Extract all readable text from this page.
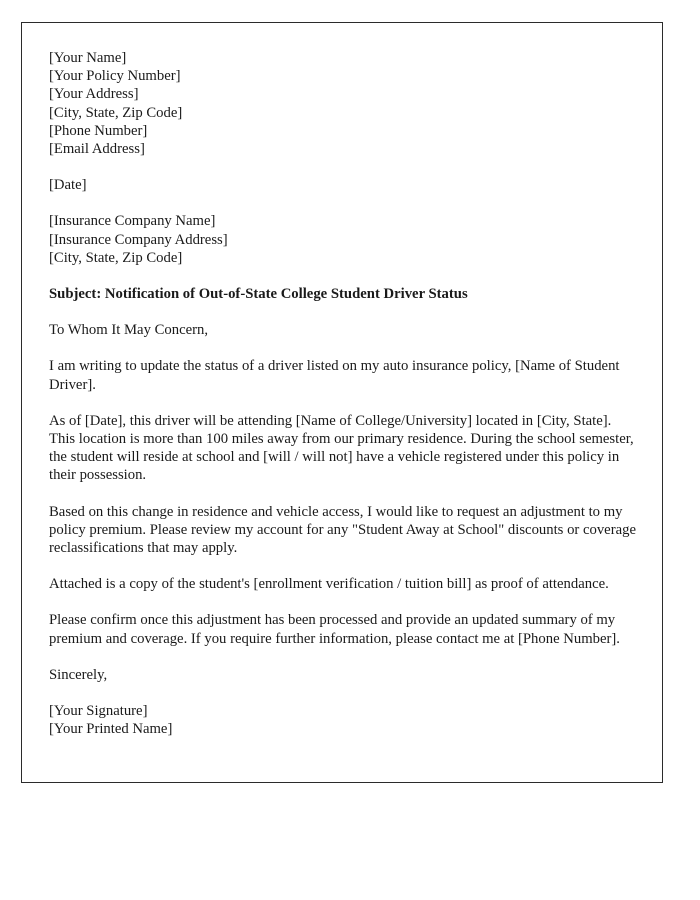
[Your Name]
[Your Policy Number]
[Your Address]
[City, State, Zip Code]
[Phone Number]
[Email Address]
[Date]
[Insurance Company Name]
[Insurance Company Address]
[City, State, Zip Code]
Subject: Notification of Out-of-State College Student Driver Status
To Whom It May Concern,

I am writing to update the status of a driver listed on my auto insurance policy, [Name of Student Driver].

As of [Date], this driver will be attending [Name of College/University] located in [City, State]. This location is more than 100 miles away from our primary residence. During the school semester, the student will reside at school and [will / will not] have a vehicle registered under this policy in their possession.

Based on this change in residence and vehicle access, I would like to request an adjustment to my policy premium. Please review my account for any "Student Away at School" discounts or coverage reclassifications that may apply.

Attached is a copy of the student's [enrollment verification / tuition bill] as proof of attendance.

Please confirm once this adjustment has been processed and provide an updated summary of my premium and coverage. If you require further information, please contact me at [Phone Number].

Sincerely,
[Your Signature]
[Your Printed Name]
